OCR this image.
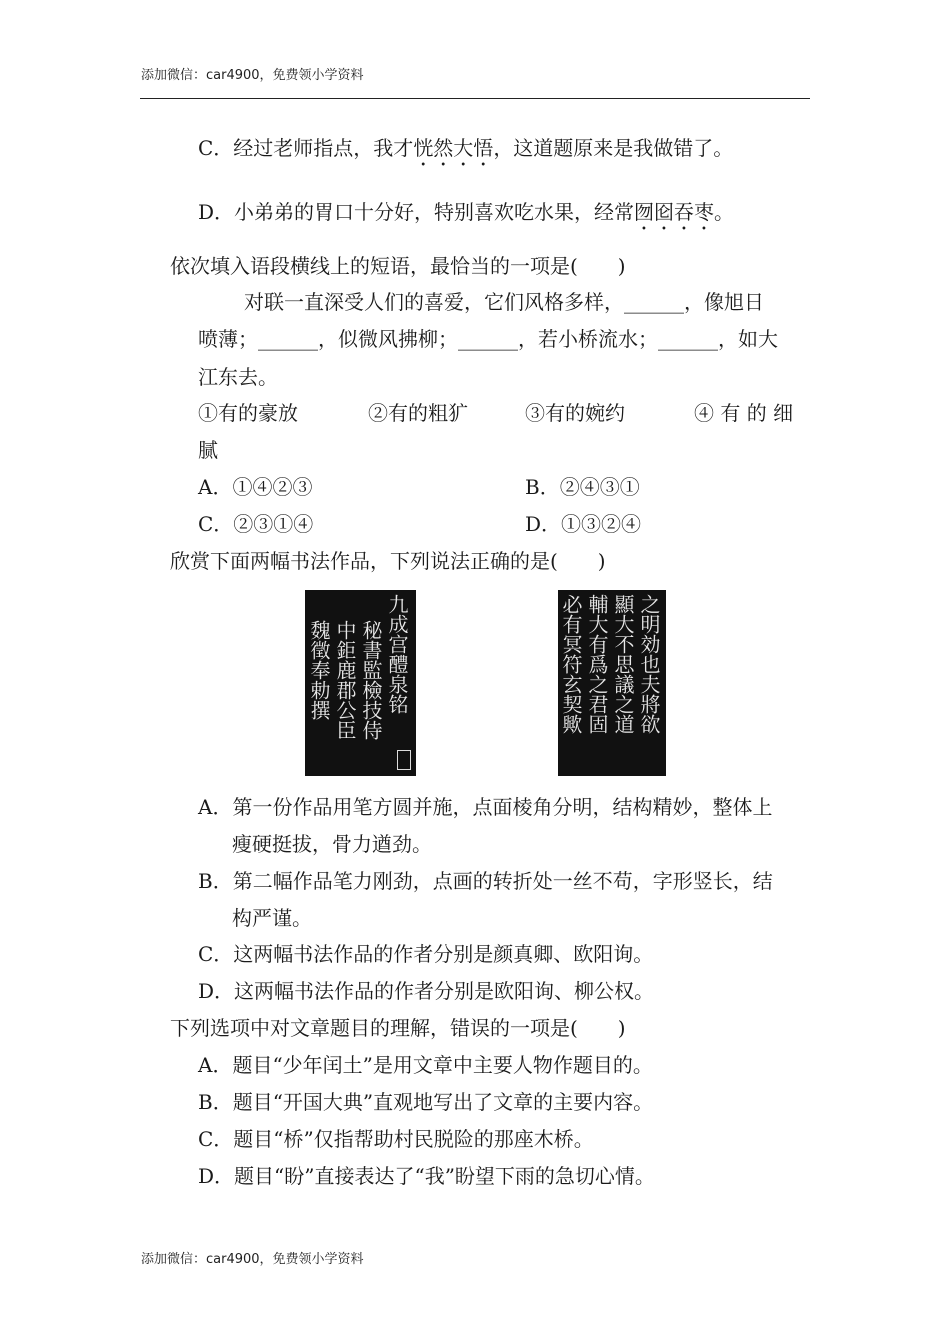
添加微信：car4900，免费领小学资料
C．经过老师指点，我才恍然大悟，这道题原来是我做错了。
D．小弟弟的胃口十分好，特别喜欢吃水果，经常囫囵吞枣。
依次填入语段横线上的短语，最恰当的一项是(　　)
对联一直深受人们的喜爱，它们风格多样，______，像旭日
喷薄；______，似微风拂柳；______，若小桥流水；______，如大
江东去。
①有的豪放	②有的粗犷	③有的婉约	④ 有 的 细
腻
A．①④②③	B．②④③①
C．②③①④	D．①③②④
欣赏下面两幅书法作品，下列说法正确的是(　　)
九成宫醴泉铭
秘書監檢技侍
中鉅鹿郡公臣
魏徵奉勅撰	之明効也夫將欲
顯大不思議之道
輔大有爲之君固
必有冥符玄契歟
A．第一份作品用笔方圆并施，点面棱角分明，结构精妙，整体上
瘦硬挺拔，骨力遒劲。
B．第二幅作品笔力刚劲，点画的转折处一丝不苟，字形竖长，结
构严谨。
C．这两幅书法作品的作者分别是颜真卿、欧阳询。
D．这两幅书法作品的作者分别是欧阳询、柳公权。
下列选项中对文章题目的理解，错误的一项是(　　)
A．题目“少年闰土”是用文章中主要人物作题目的。
B．题目“开国大典”直观地写出了文章的主要内容。
C．题目“桥”仅指帮助村民脱险的那座木桥。
D．题目“盼”直接表达了“我”盼望下雨的急切心情。
添加微信：car4900，免费领小学资料
